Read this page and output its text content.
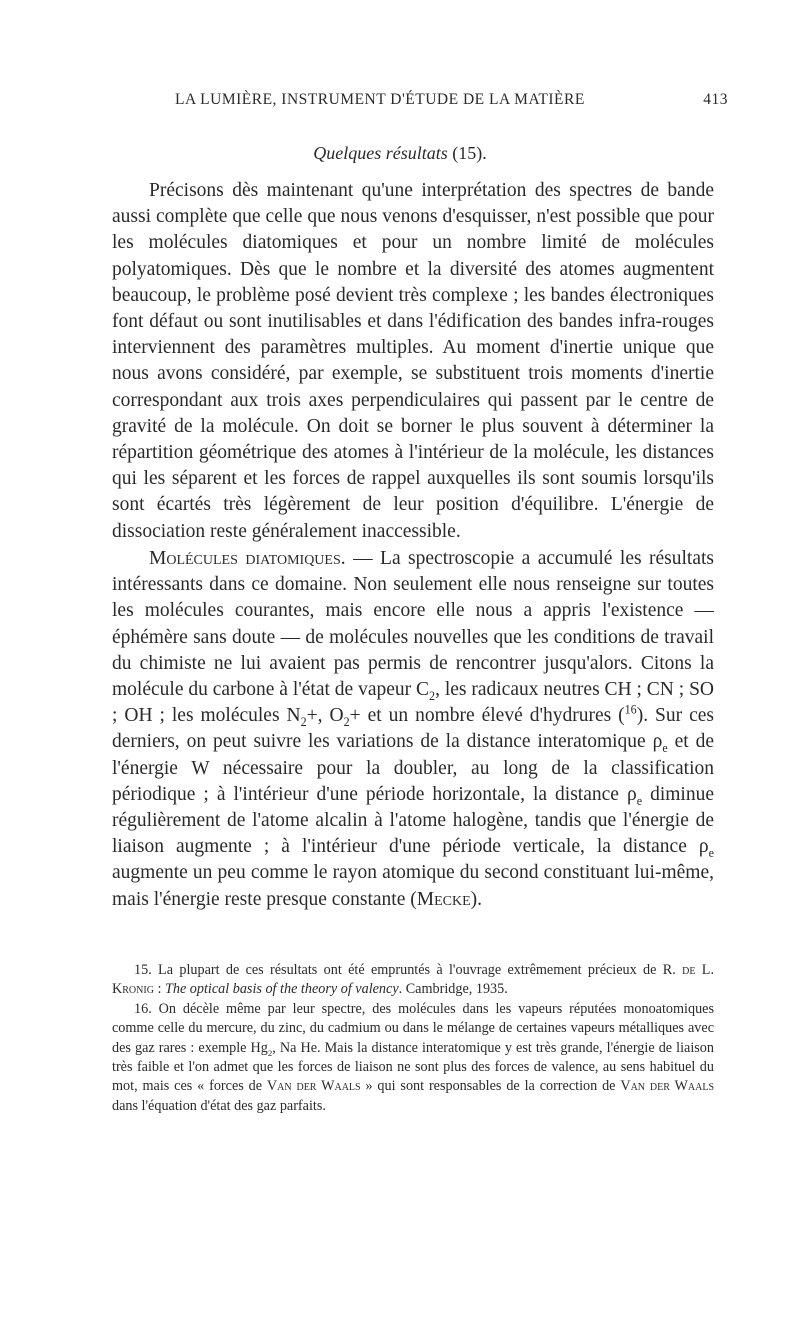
LA LUMIÈRE, INSTRUMENT D'ÉTUDE DE LA MATIÈRE	413
Quelques résultats (15).

Précisons dès maintenant qu'une interprétation des spectres de bande aussi complète que celle que nous venons d'esquisser, n'est possible que pour les molécules diatomiques et pour un nombre limité de molécules polyatomiques. Dès que le nombre et la diversité des atomes augmentent beaucoup, le problème posé devient très complexe ; les bandes électroniques font défaut ou sont inutilisables et dans l'édification des bandes infra-rouges interviennent des paramètres multiples. Au moment d'inertie unique que nous avons considéré, par exemple, se substituent trois moments d'inertie correspondant aux trois axes perpendiculaires qui passent par le centre de gravité de la molécule. On doit se borner le plus souvent à déterminer la répartition géométrique des atomes à l'intérieur de la molécule, les distances qui les séparent et les forces de rappel auxquelles ils sont soumis lorsqu'ils sont écartés très légèrement de leur position d'équilibre. L'énergie de dissociation reste généralement inaccessible.

Molécules diatomiques. — La spectroscopie a accumulé les résultats intéressants dans ce domaine. Non seulement elle nous renseigne sur toutes les molécules courantes, mais encore elle nous a appris l'existence — éphémère sans doute — de molécules nouvelles que les conditions de travail du chimiste ne lui avaient pas permis de rencontrer jusqu'alors. Citons la molécule du carbone à l'état de vapeur $C_2$, les radicaux neutres CH ; CN ; SO ; OH ; les molécules $N_2+$, $O_2+$ et un nombre élevé d'hydrures ($^{16}$). Sur ces derniers, on peut suivre les variations de la distance interatomique $\rho_e$ et de l'énergie W nécessaire pour la doubler, au long de la classification périodique ; à l'intérieur d'une période horizontale, la distance $\rho_e$ diminue régulièrement de l'atome alcalin à l'atome halogène, tandis que l'énergie de liaison augmente ; à l'intérieur d'une période verticale, la distance $\rho_e$ augmente un peu comme le rayon atomique du second constituant lui-même, mais l'énergie reste presque constante (Mecke).

15. La plupart de ces résultats ont été empruntés à l'ouvrage extrêmement précieux de R. de L. Kronig : The optical basis of the theory of valency. Cambridge, 1935.

16. On décèle même par leur spectre, des molécules dans les vapeurs réputées monoatomiques comme celle du mercure, du zinc, du cadmium ou dans le mélange de certaines vapeurs métalliques avec des gaz rares : exemple $Hg_2$, Na He. Mais la distance interatomique y est très grande, l'énergie de liaison très faible et l'on admet que les forces de liaison ne sont plus des forces de valence, au sens habituel du mot, mais ces « forces de Van der Waals » qui sont responsables de la correction de Van der Waals dans l'équation d'état des gaz parfaits.
